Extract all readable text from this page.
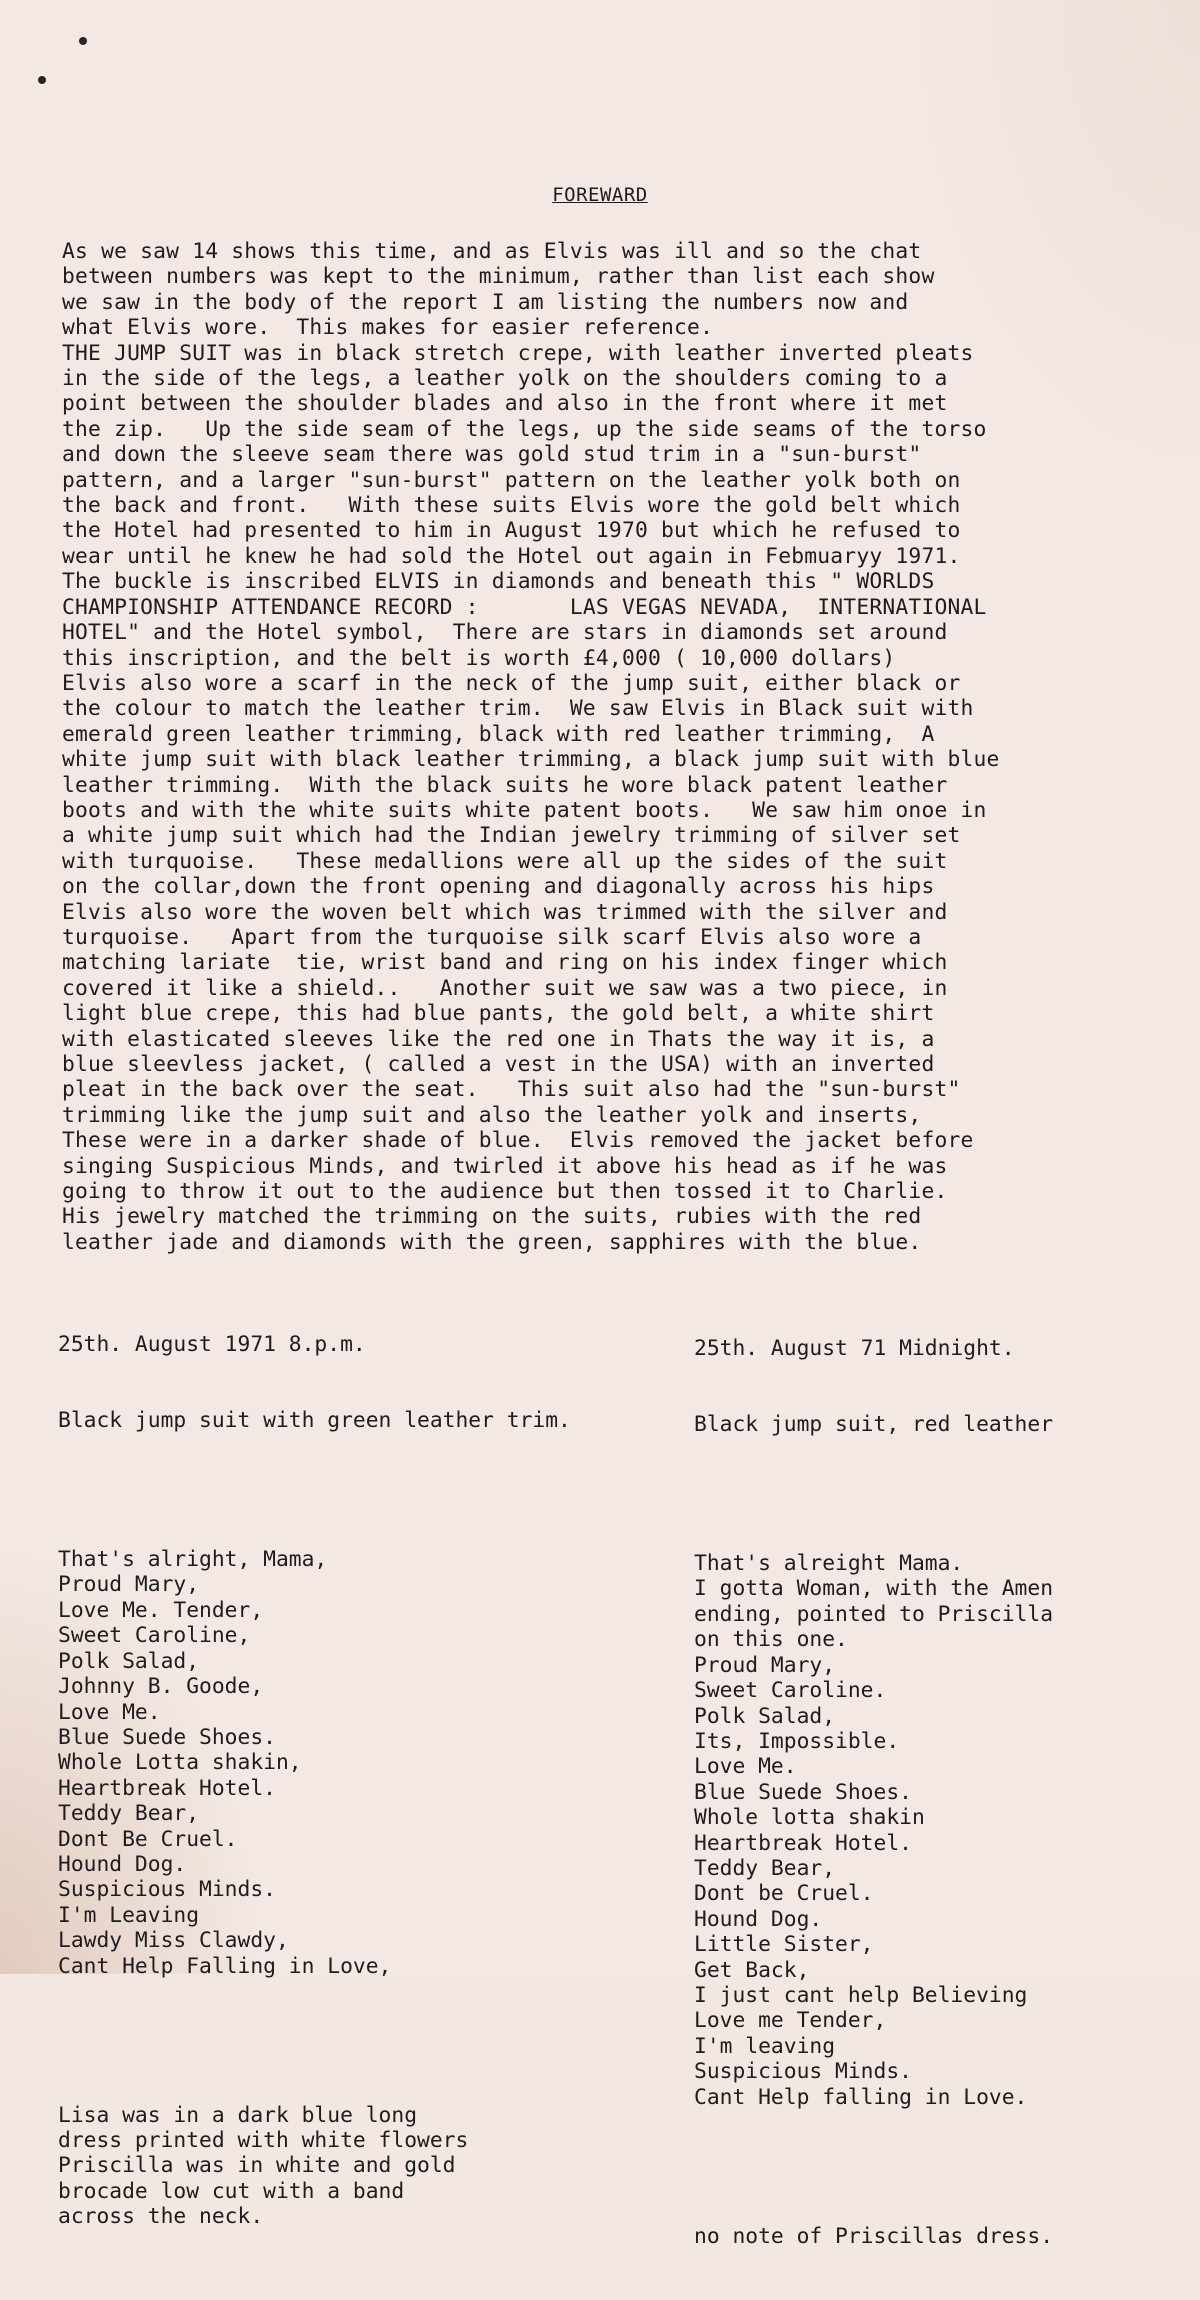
FOREWARD
As we saw 14 shows this time, and as Elvis was ill and so the chat
between numbers was kept to the minimum, rather than list each show
we saw in the body of the report I am listing the numbers now and
what Elvis wore.  This makes for easier reference.
THE JUMP SUIT was in black stretch crepe, with leather inverted pleats
in the side of the legs, a leather yolk on the shoulders coming to a
point between the shoulder blades and also in the front where it met
the zip.   Up the side seam of the legs, up the side seams of the torso
and down the sleeve seam there was gold stud trim in a "sun-burst"
pattern, and a larger "sun-burst" pattern on the leather yolk both on
the back and front.   With these suits Elvis wore the gold belt which
the Hotel had presented to him in August 1970 but which he refused to
wear until he knew he had sold the Hotel out again in Febmuaryy 1971.
The buckle is inscribed ELVIS in diamonds and beneath this " WORLDS
CHAMPIONSHIP ATTENDANCE RECORD :       LAS VEGAS NEVADA,  INTERNATIONAL
HOTEL" and the Hotel symbol,  There are stars in diamonds set around
this inscription, and the belt is worth £4,000 ( 10,000 dollars)
Elvis also wore a scarf in the neck of the jump suit, either black or
the colour to match the leather trim.  We saw Elvis in Black suit with
emerald green leather trimming, black with red leather trimming,  A
white jump suit with black leather trimming, a black jump suit with blue
leather trimming.  With the black suits he wore black patent leather
boots and with the white suits white patent boots.   We saw him onoe in
a white jump suit which had the Indian jewelry trimming of silver set
with turquoise.   These medallions were all up the sides of the suit
on the collar,down the front opening and diagonally across his hips
Elvis also wore the woven belt which was trimmed with the silver and
turquoise.   Apart from the turquoise silk scarf Elvis also wore a
matching lariate  tie, wrist band and ring on his index finger which
covered it like a shield..   Another suit we saw was a two piece, in
light blue crepe, this had blue pants, the gold belt, a white shirt
with elasticated sleeves like the red one in Thats the way it is, a
blue sleevless jacket, ( called a vest in the USA) with an inverted
pleat in the back over the seat.   This suit also had the "sun-burst"
trimming like the jump suit and also the leather yolk and inserts,
These were in a darker shade of blue.  Elvis removed the jacket before
singing Suspicious Minds, and twirled it above his head as if he was
going to throw it out to the audience but then tossed it to Charlie.
His jewelry matched the trimming on the suits, rubies with the red
leather jade and diamonds with the green, sapphires with the blue.

25th. August 1971 8.p.m.

Black jump suit with green leather trim.

That's alright, Mama,
Proud Mary,
Love Me. Tender,
Sweet Caroline,
Polk Salad,
Johnny B. Goode,
Love Me.
Blue Suede Shoes.
Whole Lotta shakin,
Heartbreak Hotel.
Teddy Bear,
Dont Be Cruel.
Hound Dog.
Suspicious Minds.
I'm Leaving
Lawdy Miss Clawdy,
Cant Help Falling in Love,

Lisa was in a dark blue long
dress printed with white flowers
Priscilla was in white and gold
brocade low cut with a band
across the neck.

25th. August 71 Midnight.

Black jump suit, red leather

That's alreight Mama.
I gotta Woman, with the Amen
ending, pointed to Priscilla
on this one.
Proud Mary,
Sweet Caroline.
Polk Salad,
Its, Impossible.
Love Me.
Blue Suede Shoes.
Whole lotta shakin
Heartbreak Hotel.
Teddy Bear,
Dont be Cruel.
Hound Dog.
Little Sister,
Get Back,
I just cant help Believing
Love me Tender,
I'm leaving
Suspicious Minds.
Cant Help falling in Love.

no note of Priscillas dress.
